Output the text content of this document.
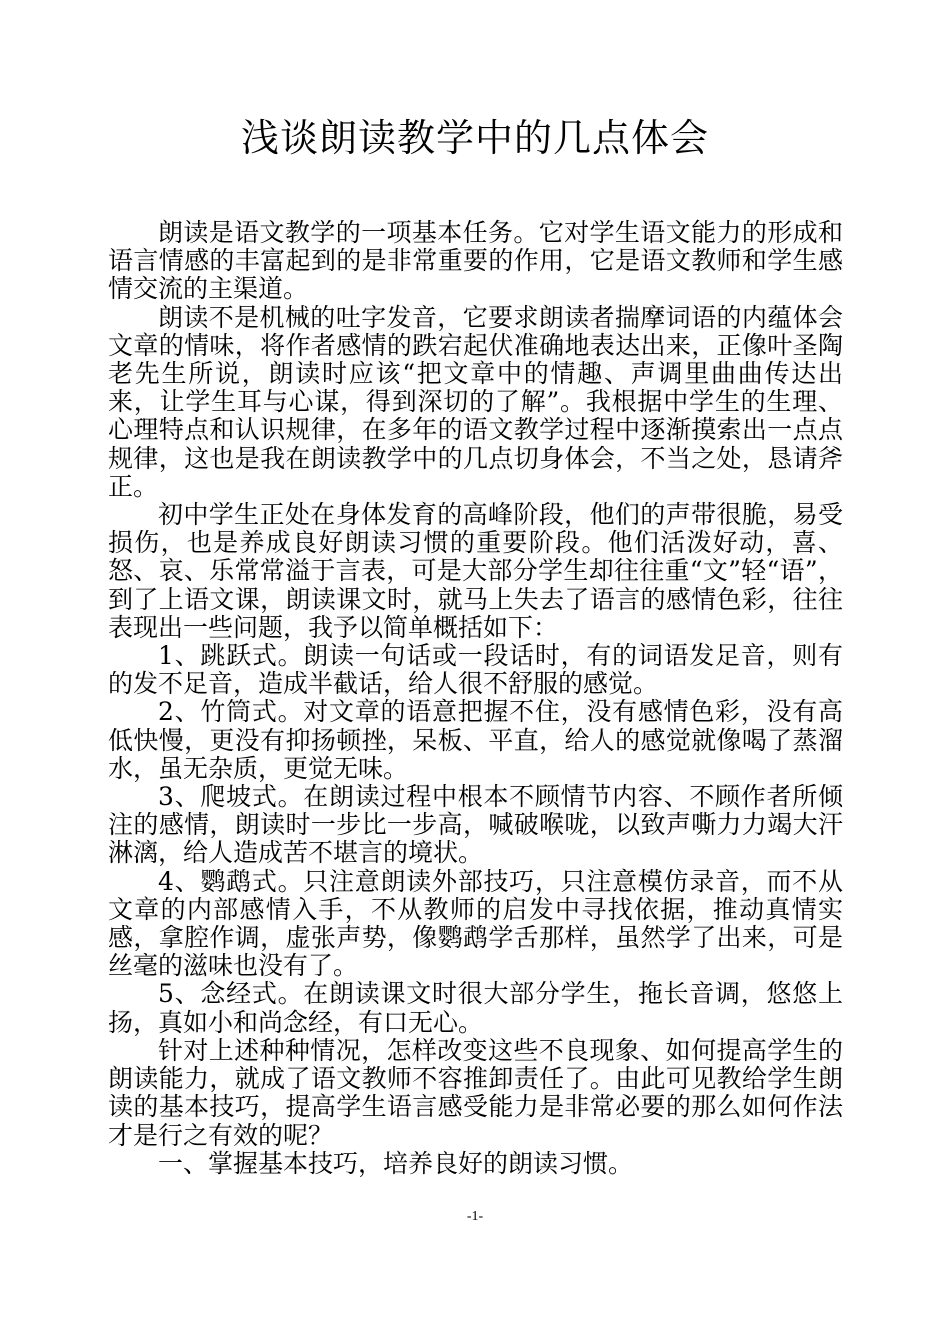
浅谈朗读教学中的几点体会

朗读是语文教学的一项基本任务。它对学生语文能力的形成和语言情感的丰富起到的是非常重要的作用，它是语文教师和学生感情交流的主渠道。

朗读不是机械的吐字发音，它要求朗读者揣摩词语的内蕴体会文章的情味，将作者感情的跌宕起伏准确地表达出来，正像叶圣陶老先生所说，朗读时应该“把文章中的情趣、声调里曲曲传达出来，让学生耳与心谋，得到深切的了解”。我根据中学生的生理、心理特点和认识规律，在多年的语文教学过程中逐渐摸索出一点点规律，这也是我在朗读教学中的几点切身体会，不当之处，恳请斧正。

初中学生正处在身体发育的高峰阶段，他们的声带很脆，易受损伤，也是养成良好朗读习惯的重要阶段。他们活泼好动，喜、怒、哀、乐常常溢于言表，可是大部分学生却往往重“文”轻“语”，到了上语文课，朗读课文时，就马上失去了语言的感情色彩，往往表现出一些问题，我予以简单概括如下：

1、跳跃式。朗读一句话或一段话时，有的词语发足音，则有的发不足音，造成半截话，给人很不舒服的感觉。

2、竹筒式。对文章的语意把握不住，没有感情色彩，没有高低快慢，更没有抑扬顿挫，呆板、平直，给人的感觉就像喝了蒸溜水，虽无杂质，更觉无味。

3、爬坡式。在朗读过程中根本不顾情节内容、不顾作者所倾注的感情，朗读时一步比一步高，喊破喉咙，以致声嘶力力竭大汗淋漓，给人造成苦不堪言的境状。

4、鹦鹉式。只注意朗读外部技巧，只注意模仿录音，而不从文章的内部感情入手，不从教师的启发中寻找依据，推动真情实感，拿腔作调，虚张声势，像鹦鹉学舌那样，虽然学了出来，可是丝毫的滋味也没有了。

5、念经式。在朗读课文时很大部分学生，拖长音调，悠悠上扬，真如小和尚念经，有口无心。

针对上述种种情况，怎样改变这些不良现象、如何提高学生的朗读能力，就成了语文教师不容推卸责任了。由此可见教给学生朗读的基本技巧，提高学生语言感受能力是非常必要的那么如何作法才是行之有效的呢？

一、掌握基本技巧，培养良好的朗读习惯。

-1-
